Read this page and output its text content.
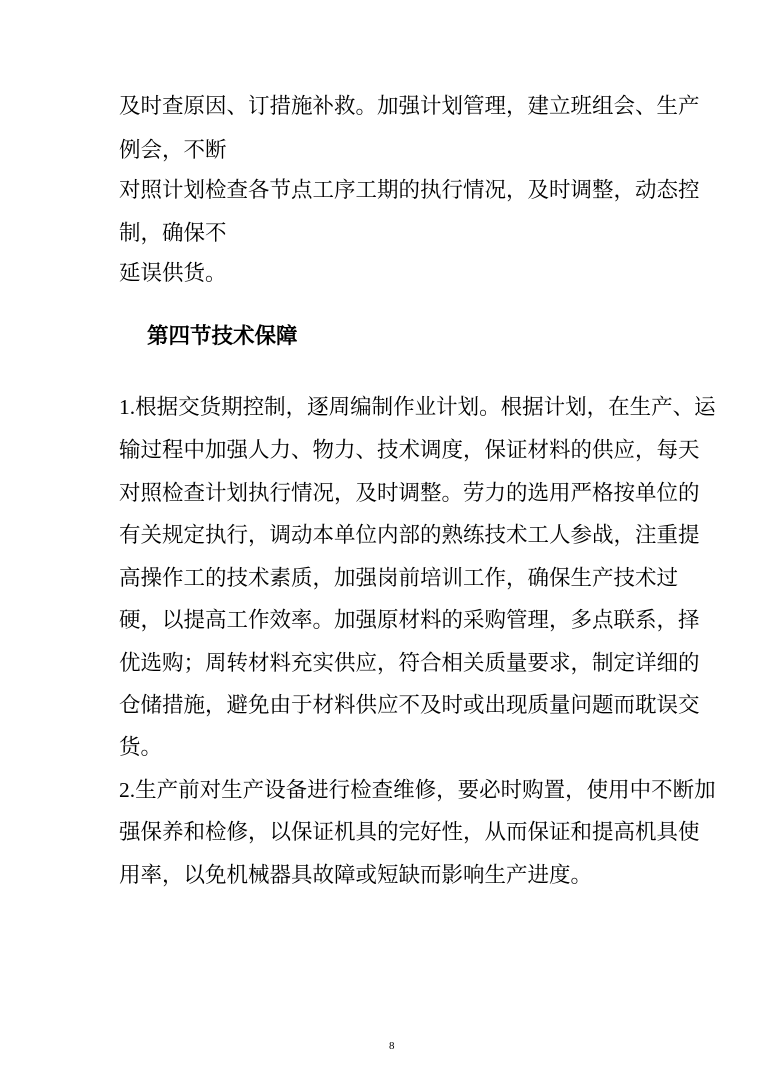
及时查原因、订措施补救。加强计划管理，建立班组会、生产
例会，不断
对照计划检查各节点工序工期的执行情况，及时调整，动态控
制，确保不
延误供货。
第四节技术保障
1.根据交货期控制，逐周编制作业计划。根据计划，在生产、运
输过程中加强人力、物力、技术调度，保证材料的供应，每天
对照检查计划执行情况，及时调整。劳力的选用严格按单位的
有关规定执行，调动本单位内部的熟练技术工人参战，注重提
高操作工的技术素质，加强岗前培训工作，确保生产技术过
硬，以提高工作效率。加强原材料的采购管理，多点联系，择
优选购；周转材料充实供应，符合相关质量要求，制定详细的
仓储措施，避免由于材料供应不及时或出现质量问题而耽误交
货。
2.生产前对生产设备进行检查维修，要必时购置，使用中不断加
强保养和检修，以保证机具的完好性，从而保证和提高机具使
用率，以免机械器具故障或短缺而影响生产进度。
8
